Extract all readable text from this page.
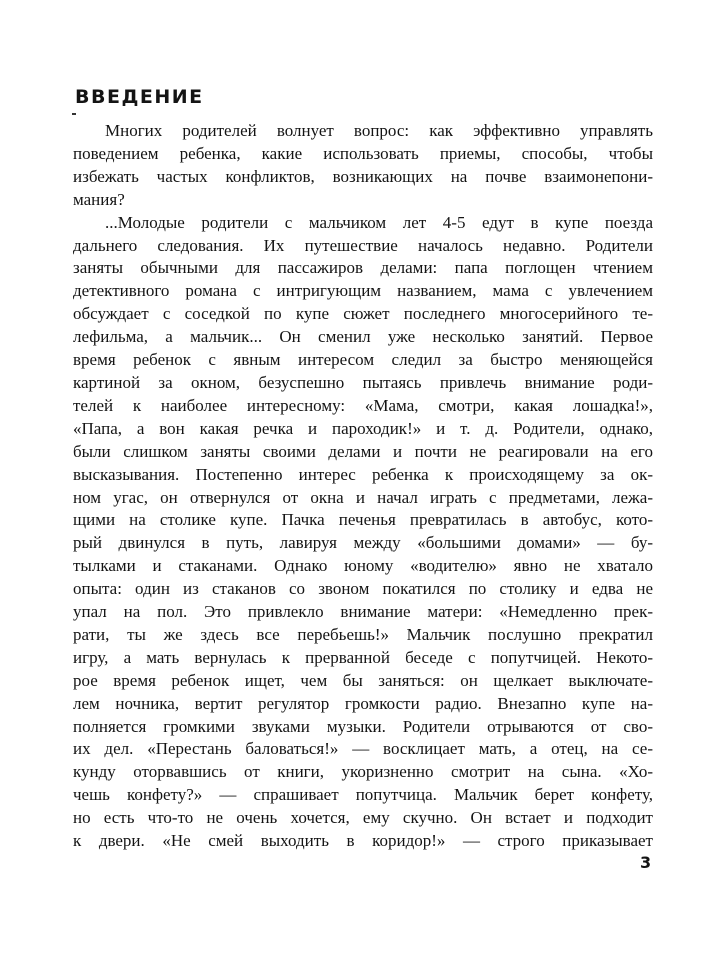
ВВЕДЕНИЕ
Многих родителей волнует вопрос: как эффективно управлять
поведением ребенка, какие использовать приемы, способы, чтобы
избежать частых конфликтов, возникающих на почве взаимонепони-
мания?
...Молодые родители с мальчиком лет 4-5 едут в купе поезда
дальнего следования. Их путешествие началось недавно. Родители
заняты обычными для пассажиров делами: папа поглощен чтением
детективного романа с интригующим названием, мама с увлечением
обсуждает с соседкой по купе сюжет последнего многосерийного те-
лефильма, а мальчик... Он сменил уже несколько занятий. Первое
время ребенок с явным интересом следил за быстро меняющейся
картиной за окном, безуспешно пытаясь привлечь внимание роди-
телей к наиболее интересному: «Мама, смотри, какая лошадка!»,
«Папа, а вон какая речка и пароходик!» и т. д. Родители, однако,
были слишком заняты своими делами и почти не реагировали на его
высказывания. Постепенно интерес ребенка к происходящему за ок-
ном угас, он отвернулся от окна и начал играть с предметами, лежа-
щими на столике купе. Пачка печенья превратилась в автобус, кото-
рый двинулся в путь, лавируя между «большими домами» — бу-
тылками и стаканами. Однако юному «водителю» явно не хватало
опыта: один из стаканов со звоном покатился по столику и едва не
упал на пол. Это привлекло внимание матери: «Немедленно прек-
рати, ты же здесь все перебьешь!» Мальчик послушно прекратил
игру, а мать вернулась к прерванной беседе с попутчицей. Некото-
рое время ребенок ищет, чем бы заняться: он щелкает выключате-
лем ночника, вертит регулятор громкости радио. Внезапно купе на-
полняется громкими звуками музыки. Родители отрываются от сво-
их дел. «Перестань баловаться!» — восклицает мать, а отец, на се-
кунду оторвавшись от книги, укоризненно смотрит на сына. «Хо-
чешь конфету?» — спрашивает попутчица. Мальчик берет конфету,
но есть что-то не очень хочется, ему скучно. Он встает и подходит
к двери. «Не смей выходить в коридор!» — строго приказывает
3
